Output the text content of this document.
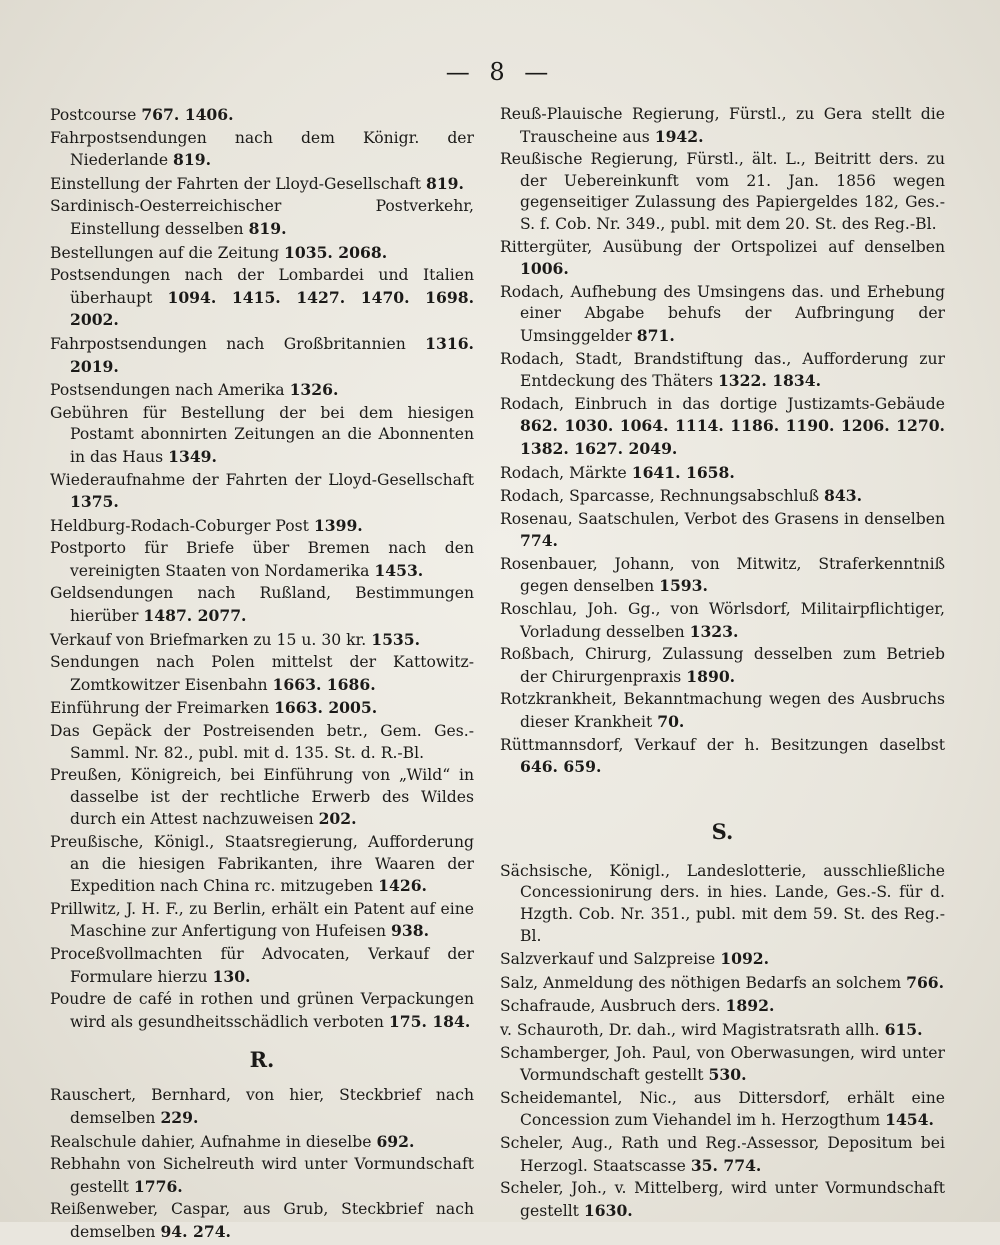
— 8 —
Postcourse 767. 1406.
Fahrpostsendungen nach dem Königr. der Niederlande 819.
Einstellung der Fahrten der Lloyd-Gesellschaft 819.
Sardinisch-Oesterreichischer Postverkehr, Einstellung desselben 819.
Bestellungen auf die Zeitung 1035. 2068.
Postsendungen nach der Lombardei und Italien überhaupt 1094. 1415. 1427. 1470. 1698. 2002.
Fahrpostsendungen nach Großbritannien 1316. 2019.
Postsendungen nach Amerika 1326.
Gebühren für Bestellung der bei dem hiesigen Postamt abonnirten Zeitungen an die Abonnenten in das Haus 1349.
Wiederaufnahme der Fahrten der Lloyd-Gesellschaft 1375.
Heldburg-Rodach-Coburger Post 1399.
Postporto für Briefe über Bremen nach den vereinigten Staaten von Nordamerika 1453.
Geldsendungen nach Rußland, Bestimmungen hierüber 1487. 2077.
Verkauf von Briefmarken zu 15 u. 30 kr. 1535.
Sendungen nach Polen mittelst der Kattowitz-Zomtkowitzer Eisenbahn 1663. 1686.
Einführung der Freimarken 1663. 2005.
Das Gepäck der Postreisenden betr., Gem. Ges.-Samml. Nr. 82., publ. mit d. 135. St. d. R.-Bl.
Preußen, Königreich, bei Einführung von „Wild“ in dasselbe ist der rechtliche Erwerb des Wildes durch ein Attest nachzuweisen 202.
Preußische, Königl., Staatsregierung, Aufforderung an die hiesigen Fabrikanten, ihre Waaren der Expedition nach China rc. mitzugeben 1426.
Prillwitz, J. H. F., zu Berlin, erhält ein Patent auf eine Maschine zur Anfertigung von Hufeisen 938.
Proceßvollmachten für Advocaten, Verkauf der Formulare hierzu 130.
Poudre de café in rothen und grünen Verpackungen wird als gesundheitsschädlich verboten 175. 184.
R.
Rauschert, Bernhard, von hier, Steckbrief nach demselben 229.
Realschule dahier, Aufnahme in dieselbe 692.
Rebhahn von Sichelreuth wird unter Vormundschaft gestellt 1776.
Reißenweber, Caspar, aus Grub, Steckbrief nach demselben 94. 274.
Reuß-Plauische Regierung, Fürstl., zu Gera stellt die Trauscheine aus 1942.
Reußische Regierung, Fürstl., ält. L., Beitritt ders. zu der Uebereinkunft vom 21. Jan. 1856 wegen gegenseitiger Zulassung des Papiergeldes 182, Ges.-S. f. Cob. Nr. 349., publ. mit dem 20. St. des Reg.-Bl.
Rittergüter, Ausübung der Ortspolizei auf denselben 1006.
Rodach, Aufhebung des Umsingens das. und Erhebung einer Abgabe behufs der Aufbringung der Umsinggelder 871.
Rodach, Stadt, Brandstiftung das., Aufforderung zur Entdeckung des Thäters 1322. 1834.
Rodach, Einbruch in das dortige Justizamts-Gebäude 862. 1030. 1064. 1114. 1186. 1190. 1206. 1270. 1382. 1627. 2049.
Rodach, Märkte 1641. 1658.
Rodach, Sparcasse, Rechnungsabschluß 843.
Rosenau, Saatschulen, Verbot des Grasens in denselben 774.
Rosenbauer, Johann, von Mitwitz, Straferkenntniß gegen denselben 1593.
Roschlau, Joh. Gg., von Wörlsdorf, Militairpflichtiger, Vorladung desselben 1323.
Roßbach, Chirurg, Zulassung desselben zum Betrieb der Chirurgenpraxis 1890.
Rotzkrankheit, Bekanntmachung wegen des Ausbruchs dieser Krankheit 70.
Rüttmannsdorf, Verkauf der h. Besitzungen daselbst 646. 659.
S.
Sächsische, Königl., Landeslotterie, ausschließliche Concessionirung ders. in hies. Lande, Ges.-S. für d. Hzgth. Cob. Nr. 351., publ. mit dem 59. St. des Reg.-Bl.
Salzverkauf und Salzpreise 1092.
Salz, Anmeldung des nöthigen Bedarfs an solchem 766.
Schafraude, Ausbruch ders. 1892.
v. Schauroth, Dr. dah., wird Magistratsrath allh. 615.
Schamberger, Joh. Paul, von Oberwasungen, wird unter Vormundschaft gestellt 530.
Scheidemantel, Nic., aus Dittersdorf, erhält eine Concession zum Viehandel im h. Herzogthum 1454.
Scheler, Aug., Rath und Reg.-Assessor, Depositum bei Herzogl. Staatscasse 35. 774.
Scheler, Joh., v. Mittelberg, wird unter Vormundschaft gestellt 1630.
